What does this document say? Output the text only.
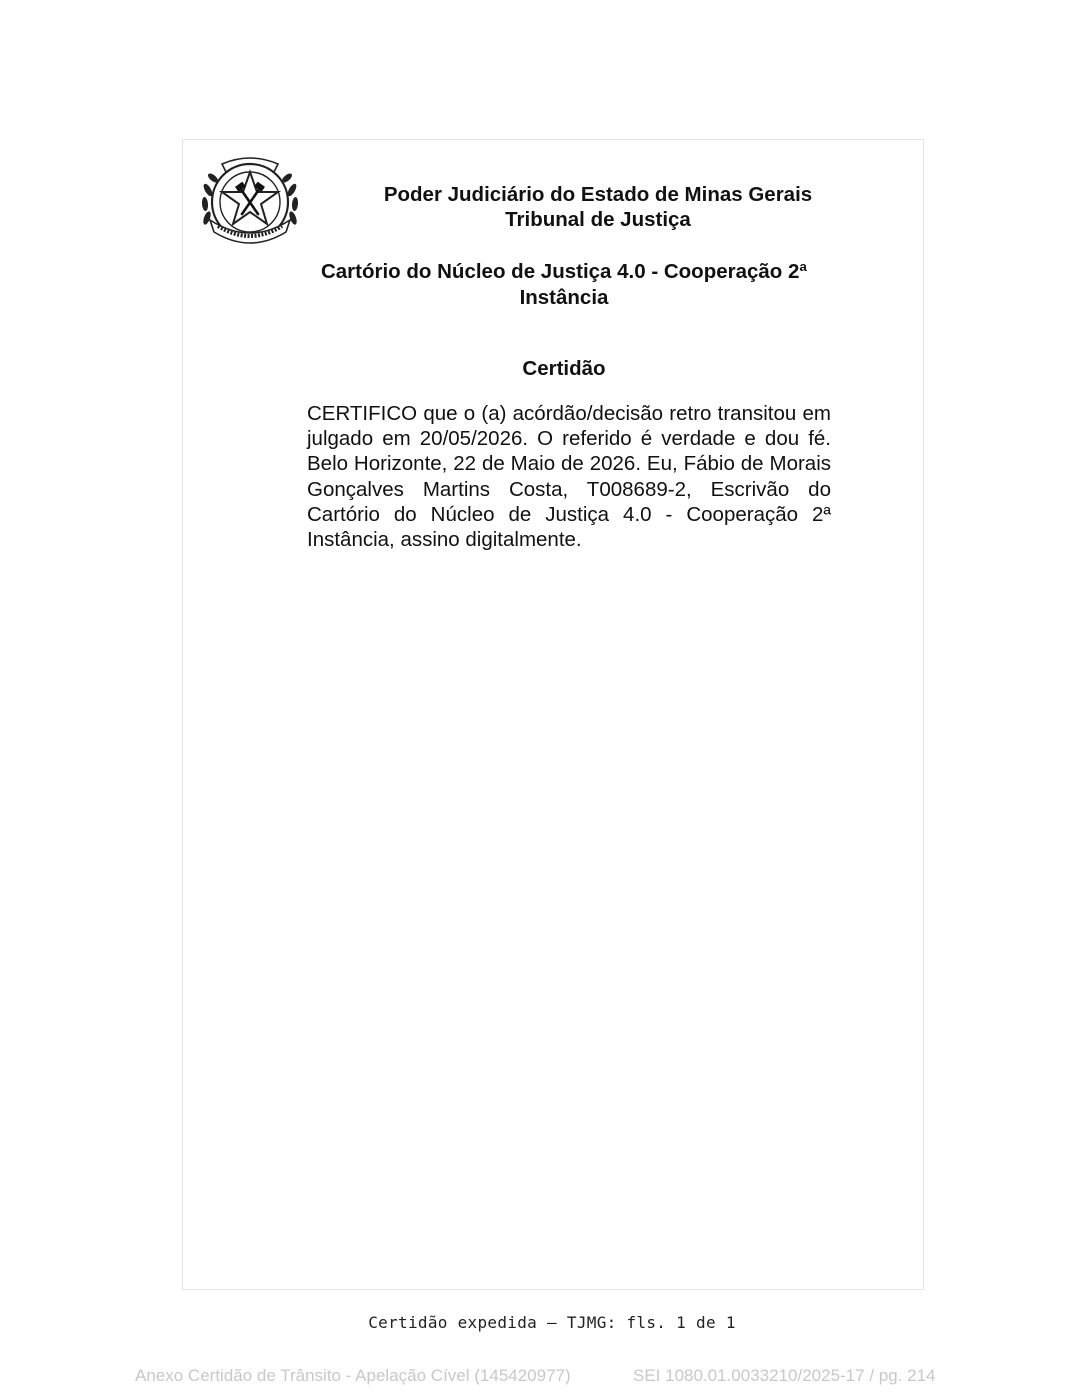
Poder Judiciário do Estado de Minas Gerais

Tribunal de Justiça

Cartório do Núcleo de Justiça 4.0 - Cooperação 2ª
Instância

Certidão

CERTIFICO que o (a) acórdão/decisão retro transitou em julgado em 20/05/2026. O referido é verdade e dou fé. Belo Horizonte, 22 de Maio de 2026. Eu, Fábio de Morais Gonçalves Martins Costa, T008689-2, Escrivão do Cartório do Núcleo de Justiça 4.0 - Cooperação 2ª Instância, assino digitalmente.

Certidão expedida – TJMG: fls. 1 de 1

Anexo Certidão de Trânsito - Apelação Cível (145420977)	SEI 1080.01.0033210/2025-17 / pg. 214
